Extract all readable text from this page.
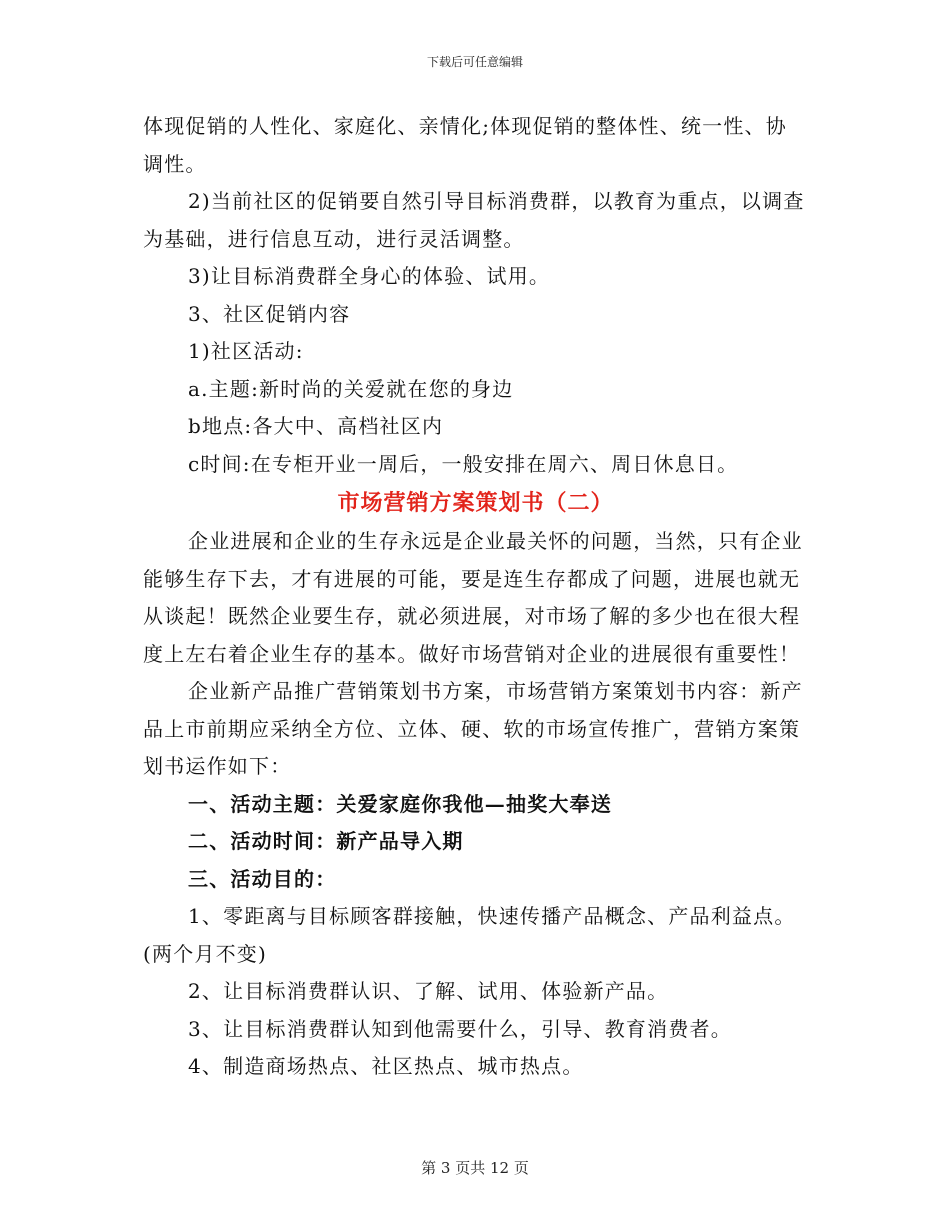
下载后可任意编辑

体现促销的人性化、家庭化、亲情化;体现促销的整体性、统一性、协调性。

2)当前社区的促销要自然引导目标消费群，以教育为重点，以调查为基础，进行信息互动，进行灵活调整。

3)让目标消费群全身心的体验、试用。

3、社区促销内容

1)社区活动:

a.主题:新时尚的关爱就在您的身边

b地点:各大中、高档社区内

c时间:在专柜开业一周后，一般安排在周六、周日休息日。

市场营销方案策划书（二）

企业进展和企业的生存永远是企业最关怀的问题，当然，只有企业能够生存下去，才有进展的可能，要是连生存都成了问题，进展也就无从谈起！既然企业要生存，就必须进展，对市场了解的多少也在很大程度上左右着企业生存的基本。做好市场营销对企业的进展很有重要性！

企业新产品推广营销策划书方案，市场营销方案策划书内容：新产品上市前期应采纳全方位、立体、硬、软的市场宣传推广，营销方案策划书运作如下：

一、活动主题：关爱家庭你我他—抽奖大奉送

二、活动时间：新产品导入期

三、活动目的：

1、零距离与目标顾客群接触，快速传播产品概念、产品利益点。(两个月不变)

2、让目标消费群认识、了解、试用、体验新产品。

3、让目标消费群认知到他需要什么，引导、教育消费者。

4、制造商场热点、社区热点、城市热点。

第 3 页共 12 页
